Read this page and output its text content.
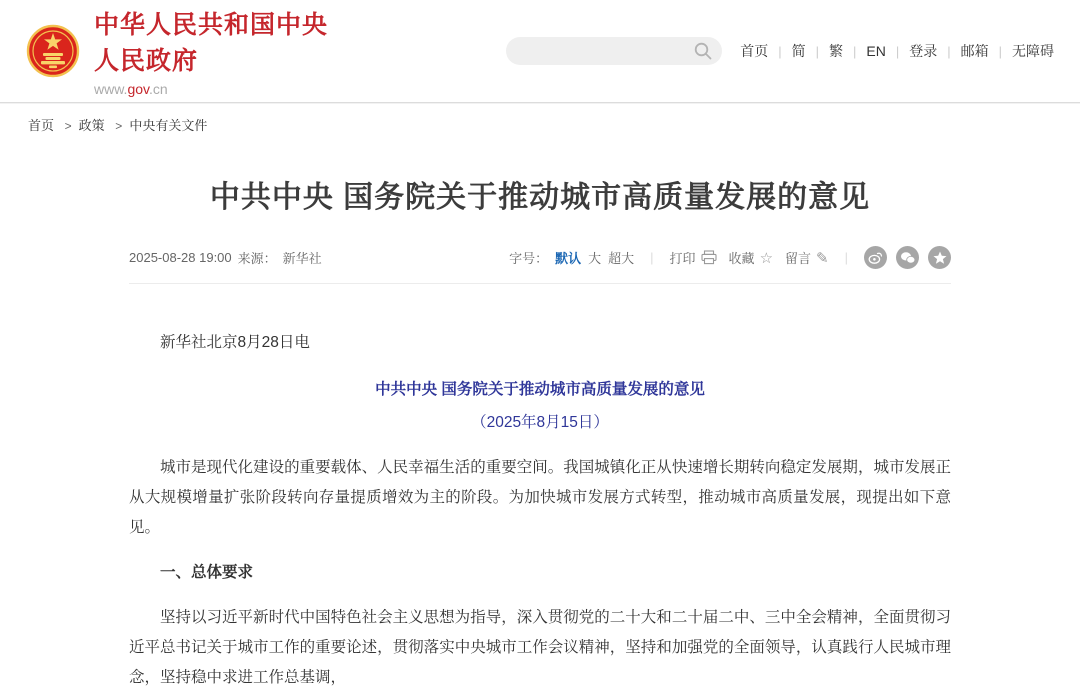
中华人民共和国中央人民政府
www.gov.cn
首页	| 简	| 繁	| EN	| 登录	| 邮箱	| 无障碍
首页 > 政策 > 中央有关文件
中共中央 国务院关于推动城市高质量发展的意见
2025-08-28 19:00 来源： 新华社	字号： 默认 大 超大 | 打印	收藏 ☆ 留言 ✎ |

新华社北京8月28日电

中共中央 国务院关于推动城市高质量发展的意见

（2025年8月15日）

城市是现代化建设的重要载体、人民幸福生活的重要空间。我国城镇化正从快速增长期转向稳定发展期，城市发展正从大规模增量扩张阶段转向存量提质增效为主的阶段。为加快城市发展方式转型，推动城市高质量发展，现提出如下意见。

一、总体要求

坚持以习近平新时代中国特色社会主义思想为指导，深入贯彻党的二十大和二十届二中、三中全会精神，全面贯彻习近平总书记关于城市工作的重要论述，贯彻落实中央城市工作会议精神，坚持和加强党的全面领导，认真践行人民城市理念，坚持稳中求进工作总基调，
